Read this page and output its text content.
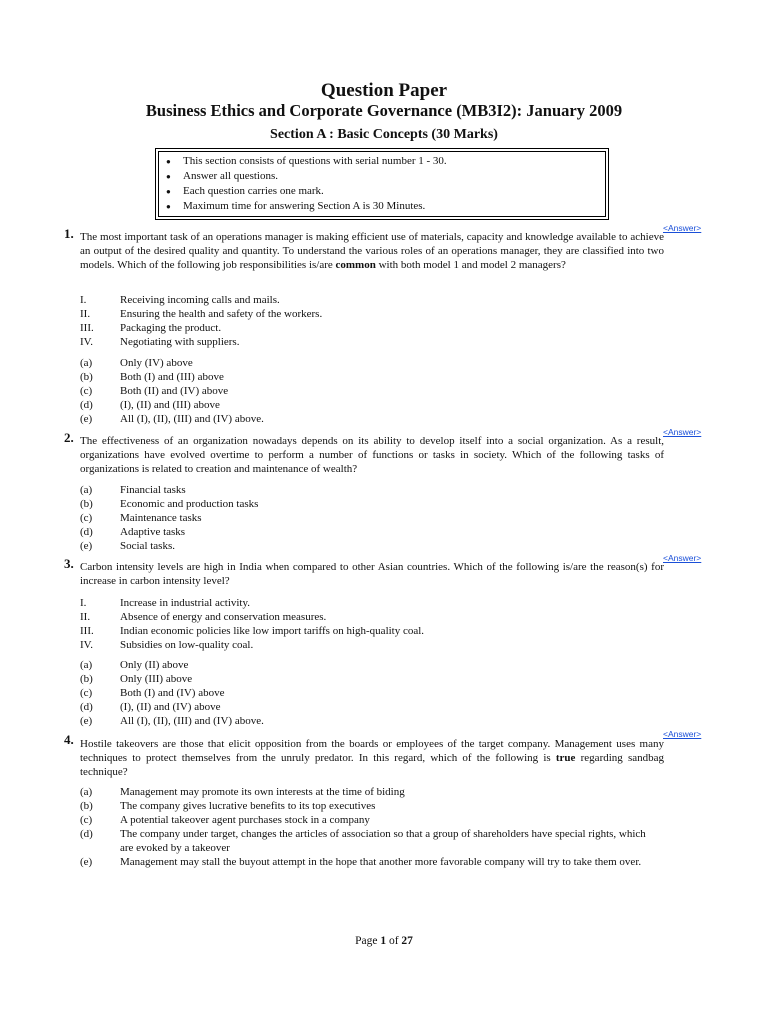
Question Paper
Business Ethics and Corporate Governance (MB3I2): January 2009
Section A : Basic Concepts (30 Marks)
● This section consists of questions with serial number 1 - 30.
● Answer all questions.
● Each question carries one mark.
● Maximum time for answering Section A is 30 Minutes.
1.	<Answer>
The most important task of an operations manager is making efficient use of materials, capacity and knowledge available to achieve an output of the desired quality and quantity. To understand the various roles of an operations manager, they are classified into two models. Which of the following job responsibilities is/are common with both model 1 and model 2 managers?
I.	Receiving incoming calls and mails.
II.	Ensuring the health and safety of the workers.
III.	Packaging the product.
IV.	Negotiating with suppliers.
(a)	Only (IV) above
(b)	Both (I) and (III) above
(c)	Both (II) and (IV) above
(d)	(I), (II) and (III) above
(e)	All (I), (II), (III) and (IV) above.
2.	<Answer>
The effectiveness of an organization nowadays depends on its ability to develop itself into a social organization. As a result, organizations have evolved overtime to perform a number of functions or tasks in society. Which of the following tasks of organizations is related to creation and maintenance of wealth?
(a)	Financial tasks
(b)	Economic and production tasks
(c)	Maintenance tasks
(d)	Adaptive tasks
(e)	Social tasks.
3.	<Answer>
Carbon intensity levels are high in India when compared to other Asian countries. Which of the following is/are the reason(s) for increase in carbon intensity level?
I.	Increase in industrial activity.
II.	Absence of energy and conservation measures.
III.	Indian economic policies like low import tariffs on high-quality coal.
IV.	Subsidies on low-quality coal.
(a)	Only (II) above
(b)	Only (III) above
(c)	Both (I) and (IV) above
(d)	(I), (II) and (IV) above
(e)	All (I), (II), (III) and (IV) above.
4.	<Answer>
Hostile takeovers are those that elicit opposition from the boards or employees of the target company. Management uses many techniques to protect themselves from the unruly predator. In this regard, which of the following is true regarding sandbag technique?
(a)	Management may promote its own interests at the time of biding
(b)	The company gives lucrative benefits to its top executives
(c)	A potential takeover agent purchases stock in a company
(d)	The company under target, changes the articles of association so that a group of shareholders have special rights, which are evoked by a takeover
(e)	Management may stall the buyout attempt in the hope that another more favorable company will try to take them over.
Page 1 of 27
